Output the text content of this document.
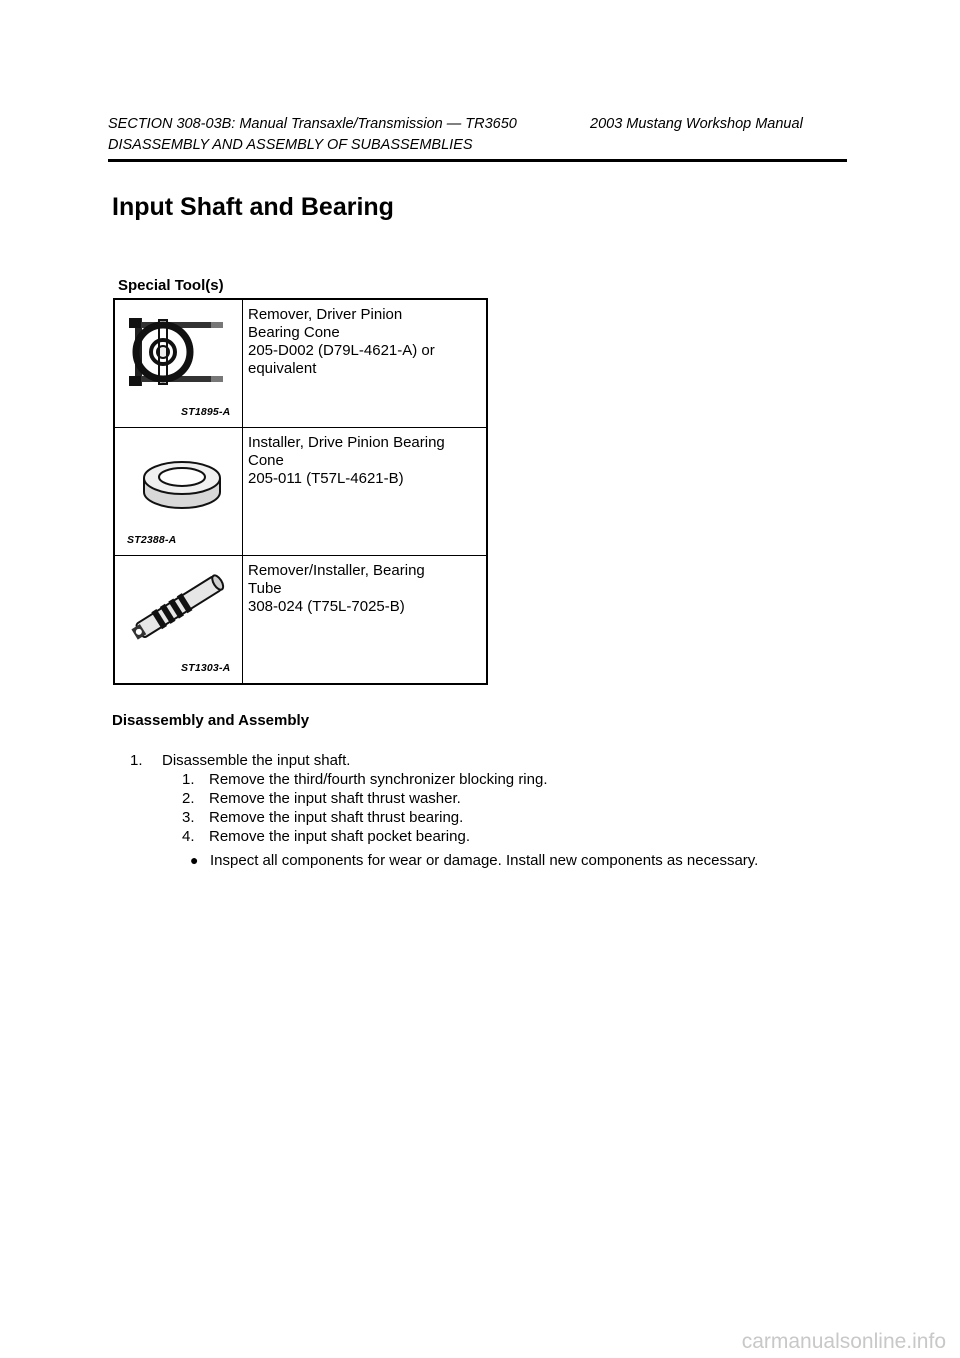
SECTION 308-03B: Manual Transaxle/Transmission — TR3650	2003 Mustang Workshop Manual
DISASSEMBLY AND ASSEMBLY OF SUBASSEMBLIES
Input Shaft and Bearing
Special Tool(s)
ST1895-A	Remover, Driver Pinion
Bearing Cone
205-D002 (D79L-4621-A) or
equivalent

ST2388-A	Installer, Drive Pinion Bearing
Cone
205-011 (T57L-4621-B)

ST1303-A	Remover/Installer, Bearing
Tube
308-024 (T75L-7025-B)
Disassembly and Assembly
1.	Disassemble the input shaft.
1. Remove the third/fourth synchronizer blocking ring.
2. Remove the input shaft thrust washer.
3. Remove the input shaft thrust bearing.
4. Remove the input shaft pocket bearing.
● Inspect all components for wear or damage. Install new components as necessary.
carmanualsonline.info
